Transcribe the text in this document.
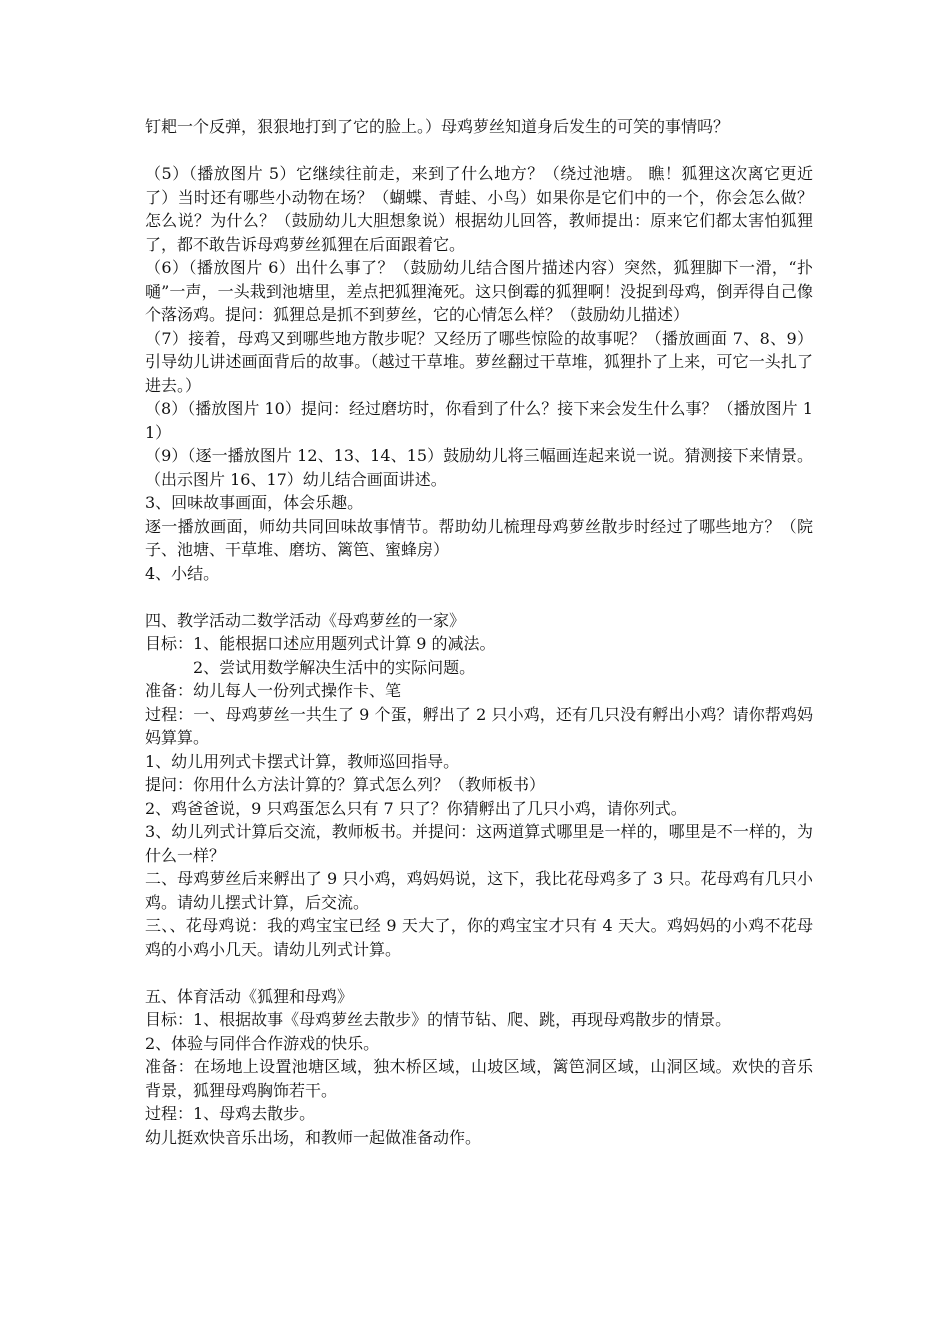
钉耙一个反弹，狠狠地打到了它的脸上。）母鸡萝丝知道身后发生的可笑的事情吗？

（5）（播放图片 5）它继续往前走，来到了什么地方？（绕过池塘。 瞧！狐狸这次离它更近了）当时还有哪些小动物在场？（蝴蝶、青蛙、小鸟）如果你是它们中的一个，你会怎么做？怎么说？为什么？（鼓励幼儿大胆想象说）根据幼儿回答，教师提出：原来它们都太害怕狐狸了，都不敢告诉母鸡萝丝狐狸在后面跟着它。

（6）（播放图片 6）出什么事了？（鼓励幼儿结合图片描述内容）突然，狐狸脚下一滑，“扑嗵”一声，一头栽到池塘里，差点把狐狸淹死。这只倒霉的狐狸啊！没捉到母鸡，倒弄得自己像个落汤鸡。提问：狐狸总是抓不到萝丝，它的心情怎么样？（鼓励幼儿描述）

（7）接着，母鸡又到哪些地方散步呢？又经历了哪些惊险的故事呢？（播放画面 7、8、9）引导幼儿讲述画面背后的故事。（越过干草堆。萝丝翻过干草堆，狐狸扑了上来，可它一头扎了进去。）

（8）（播放图片 10）提问：经过磨坊时，你看到了什么？接下来会发生什么事？（播放图片 11）

（9）（逐一播放图片 12、13、14、15）鼓励幼儿将三幅画连起来说一说。猜测接下来情景。（出示图片 16、17）幼儿结合画面讲述。

3、回味故事画面，体会乐趣。

逐一播放画面，师幼共同回味故事情节。帮助幼儿梳理母鸡萝丝散步时经过了哪些地方？（院子、池塘、干草堆、磨坊、篱笆、蜜蜂房）

4、小结。

四、教学活动二数学活动《母鸡萝丝的一家》

目标：1、能根据口述应用题列式计算 9 的减法。

2、尝试用数学解决生活中的实际问题。

准备：幼儿每人一份列式操作卡、笔

过程：一、母鸡萝丝一共生了 9 个蛋，孵出了 2 只小鸡，还有几只没有孵出小鸡？请你帮鸡妈妈算算。

1、幼儿用列式卡摆式计算，教师巡回指导。

提问：你用什么方法计算的？算式怎么列？（教师板书）

2、鸡爸爸说，9 只鸡蛋怎么只有 7 只了？你猜孵出了几只小鸡，请你列式。

3、幼儿列式计算后交流，教师板书。并提问：这两道算式哪里是一样的，哪里是不一样的，为什么一样？

二、母鸡萝丝后来孵出了 9 只小鸡，鸡妈妈说，这下，我比花母鸡多了 3 只。花母鸡有几只小鸡。请幼儿摆式计算，后交流。

三、、花母鸡说：我的鸡宝宝已经 9 天大了，你的鸡宝宝才只有 4 天大。鸡妈妈的小鸡不花母鸡的小鸡小几天。请幼儿列式计算。

五、体育活动《狐狸和母鸡》

目标：1、根据故事《母鸡萝丝去散步》的情节钻、爬、跳，再现母鸡散步的情景。

2、体验与同伴合作游戏的快乐。

准备：在场地上设置池塘区域，独木桥区域，山坡区域，篱笆洞区域，山洞区域。欢快的音乐背景，狐狸母鸡胸饰若干。

过程：1、母鸡去散步。

幼儿挺欢快音乐出场，和教师一起做准备动作。
